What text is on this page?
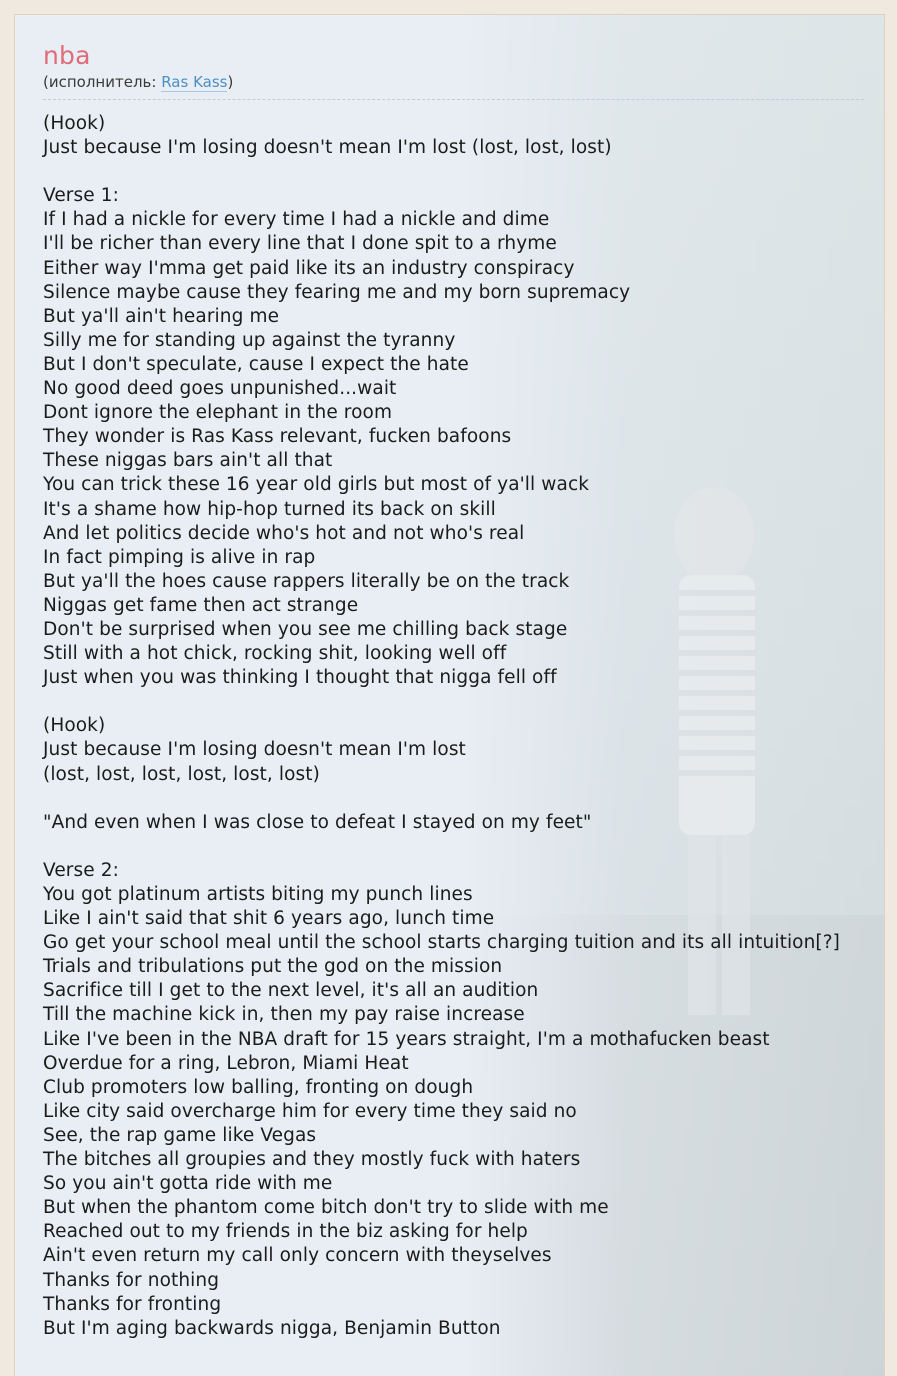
nba

(исполнитель: Ras Kass)

(Hook)
Just because I'm losing doesn't mean I'm lost (lost, lost, lost)
Verse 1:
If I had a nickle for every time I had a nickle and dime
I'll be richer than every line that I done spit to a rhyme
Either way I'mma get paid like its an industry conspiracy
Silence maybe cause they fearing me and my born supremacy
But ya'll ain't hearing me
Silly me for standing up against the tyranny
But I don't speculate, cause I expect the hate
No good deed goes unpunished...wait
Dont ignore the elephant in the room
They wonder is Ras Kass relevant, fucken bafoons
These niggas bars ain't all that
You can trick these 16 year old girls but most of ya'll wack
It's a shame how hip-hop turned its back on skill
And let politics decide who's hot and not who's real
In fact pimping is alive in rap
But ya'll the hoes cause rappers literally be on the track
Niggas get fame then act strange
Don't be surprised when you see me chilling back stage
Still with a hot chick, rocking shit, looking well off
Just when you was thinking I thought that nigga fell off
(Hook)
Just because I'm losing doesn't mean I'm lost
(lost, lost, lost, lost, lost, lost)
"And even when I was close to defeat I stayed on my feet"
Verse 2:
You got platinum artists biting my punch lines
Like I ain't said that shit 6 years ago, lunch time
Go get your school meal until the school starts charging tuition and its all intuition[?]
Trials and tribulations put the god on the mission
Sacrifice till I get to the next level, it's all an audition
Till the machine kick in, then my pay raise increase
Like I've been in the NBA draft for 15 years straight, I'm a mothafucken beast
Overdue for a ring, Lebron, Miami Heat
Club promoters low balling, fronting on dough
Like city said overcharge him for every time they said no
See, the rap game like Vegas
The bitches all groupies and they mostly fuck with haters
So you ain't gotta ride with me
But when the phantom come bitch don't try to slide with me
Reached out to my friends in the biz asking for help
Ain't even return my call only concern with theyselves
Thanks for nothing
Thanks for fronting
But I'm aging backwards nigga, Benjamin Button
